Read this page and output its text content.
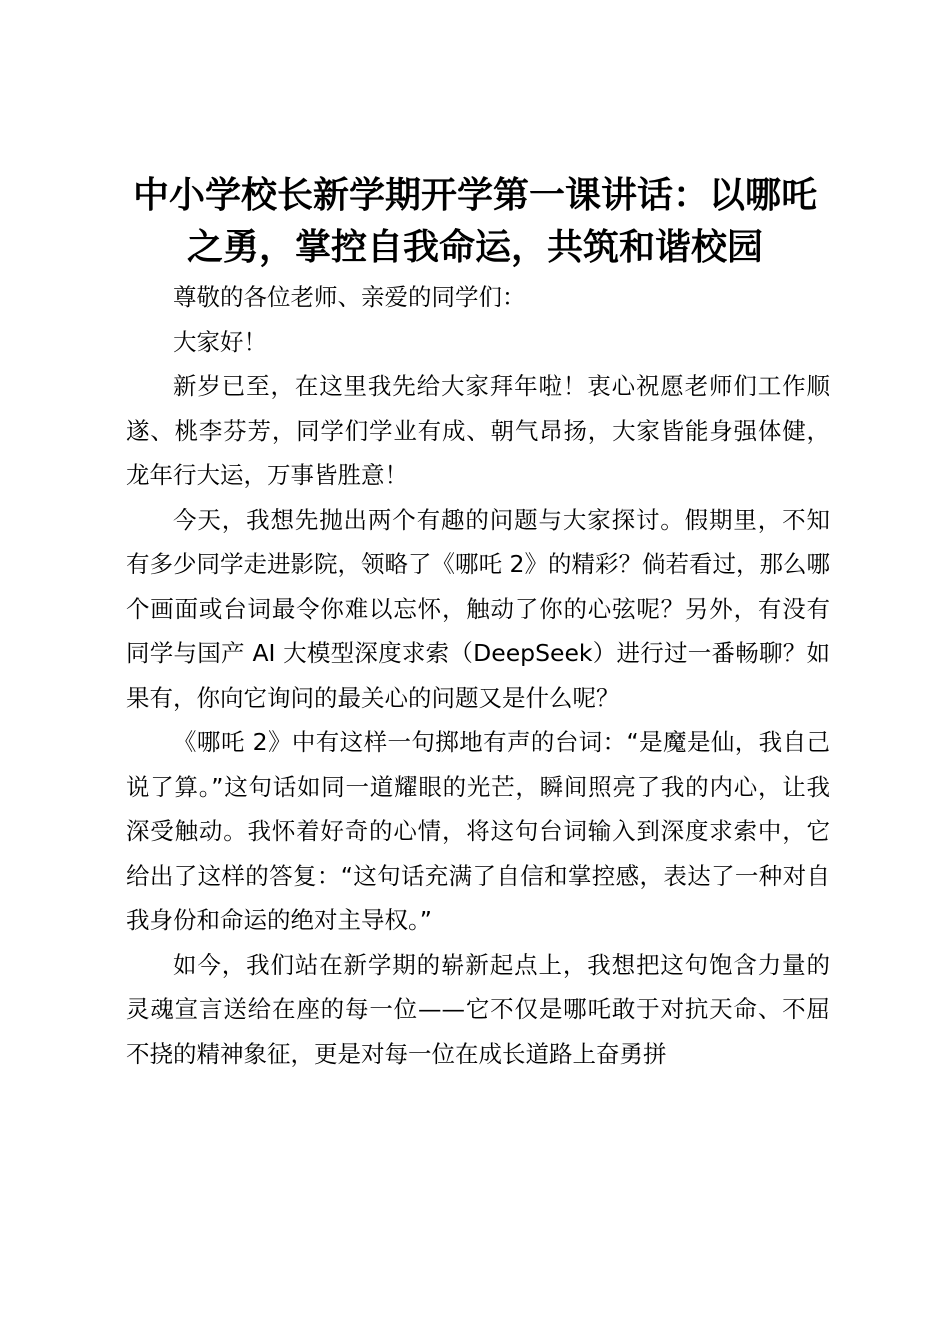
中小学校长新学期开学第一课讲话：以哪吒之勇，掌控自我命运，共筑和谐校园

尊敬的各位老师、亲爱的同学们：

大家好！

新岁已至，在这里我先给大家拜年啦！衷心祝愿老师们工作顺遂、桃李芬芳，同学们学业有成、朝气昂扬，大家皆能身强体健，龙年行大运，万事皆胜意！

今天，我想先抛出两个有趣的问题与大家探讨。假期里，不知有多少同学走进影院，领略了《哪吒 2》的精彩？倘若看过，那么哪个画面或台词最令你难以忘怀，触动了你的心弦呢？另外，有没有同学与国产 AI 大模型深度求索（DeepSeek）进行过一番畅聊？如果有，你向它询问的最关心的问题又是什么呢？

《哪吒 2》中有这样一句掷地有声的台词：“是魔是仙，我自己说了算。”这句话如同一道耀眼的光芒，瞬间照亮了我的内心，让我深受触动。我怀着好奇的心情，将这句台词输入到深度求索中，它给出了这样的答复：“这句话充满了自信和掌控感，表达了一种对自我身份和命运的绝对主导权。”

如今，我们站在新学期的崭新起点上，我想把这句饱含力量的灵魂宣言送给在座的每一位——它不仅是哪吒敢于对抗天命、不屈不挠的精神象征，更是对每一位在成长道路上奋勇拼
